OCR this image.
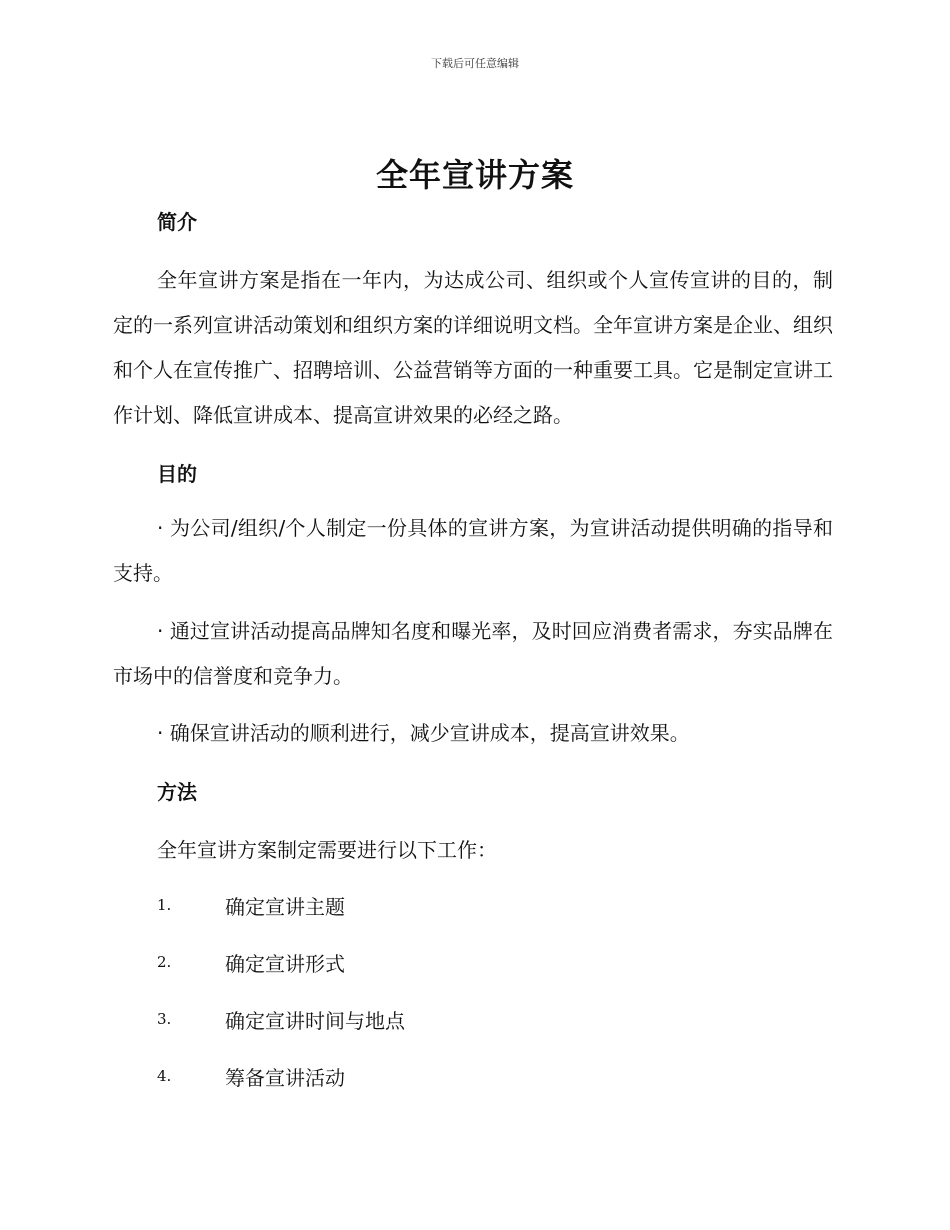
下载后可任意编辑
全年宣讲方案
简介

全年宣讲方案是指在一年内，为达成公司、组织或个人宣传宣讲的目的，制定的一系列宣讲活动策划和组织方案的详细说明文档。全年宣讲方案是企业、组织和个人在宣传推广、招聘培训、公益营销等方面的一种重要工具。它是制定宣讲工作计划、降低宣讲成本、提高宣讲效果的必经之路。

目的

· 为公司/组织/个人制定一份具体的宣讲方案，为宣讲活动提供明确的指导和支持。

· 通过宣讲活动提高品牌知名度和曝光率，及时回应消费者需求，夯实品牌在市场中的信誉度和竞争力。

· 确保宣讲活动的顺利进行，减少宣讲成本，提高宣讲效果。

方法
全年宣讲方案制定需要进行以下工作：
1.	确定宣讲主题
2.	确定宣讲形式
3.	确定宣讲时间与地点
4.	筹备宣讲活动
